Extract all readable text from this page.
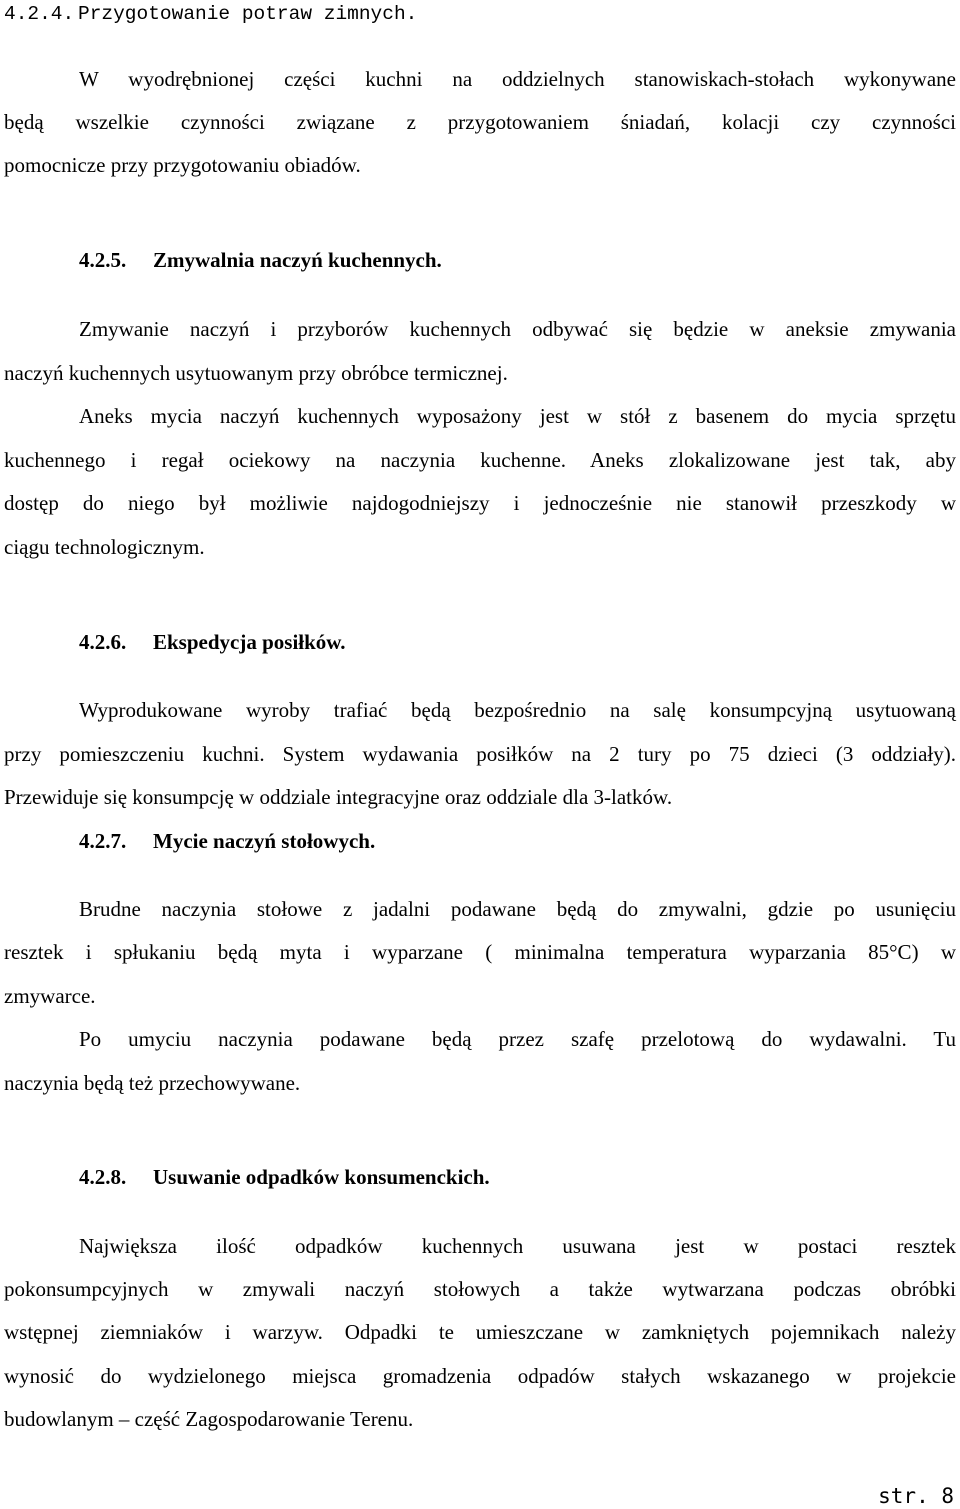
4.2.4. Przygotowanie potraw zimnych.

W wyodrębnionej części kuchni na oddzielnych stanowiskach-stołach wykonywane

będą wszelkie czynności związane z przygotowaniem śniadań, kolacji czy czynności

pomocnicze przy przygotowaniu obiadów.

4.2.5. Zmywalnia naczyń kuchennych.

Zmywanie naczyń i przyborów kuchennych odbywać się będzie w aneksie zmywania

naczyń kuchennych usytuowanym przy obróbce termicznej.

Aneks mycia naczyń kuchennych wyposażony jest w stół z basenem do mycia sprzętu

kuchennego i regał ociekowy na naczynia kuchenne. Aneks zlokalizowane jest tak, aby

dostęp do niego był możliwie najdogodniejszy i jednocześnie nie stanowił przeszkody w

ciągu technologicznym.

4.2.6. Ekspedycja posiłków.

Wyprodukowane wyroby trafiać będą bezpośrednio na salę konsumpcyjną usytuowaną

przy pomieszczeniu kuchni. System wydawania posiłków na 2 tury po 75 dzieci (3 oddziały).

Przewiduje się konsumpcję w oddziale integracyjne oraz oddziale dla 3-latków.

4.2.7. Mycie naczyń stołowych.

Brudne naczynia stołowe z jadalni podawane będą do zmywalni, gdzie po usunięciu

resztek i spłukaniu będą myta i wyparzane ( minimalna temperatura wyparzania 85°C) w

zmywarce.

Po umyciu naczynia podawane będą przez szafę przelotową do wydawalni. Tu

naczynia będą też przechowywane.

4.2.8. Usuwanie odpadków konsumenckich.

Największa ilość odpadków kuchennych usuwana jest w postaci resztek

pokonsumpcyjnych w zmywali naczyń stołowych a także wytwarzana podczas obróbki

wstępnej ziemniaków i warzyw. Odpadki te umieszczane w zamkniętych pojemnikach należy

wynosić do wydzielonego miejsca gromadzenia odpadów stałych wskazanego w projekcie

budowlanym – część Zagospodarowanie Terenu.

str. 8
